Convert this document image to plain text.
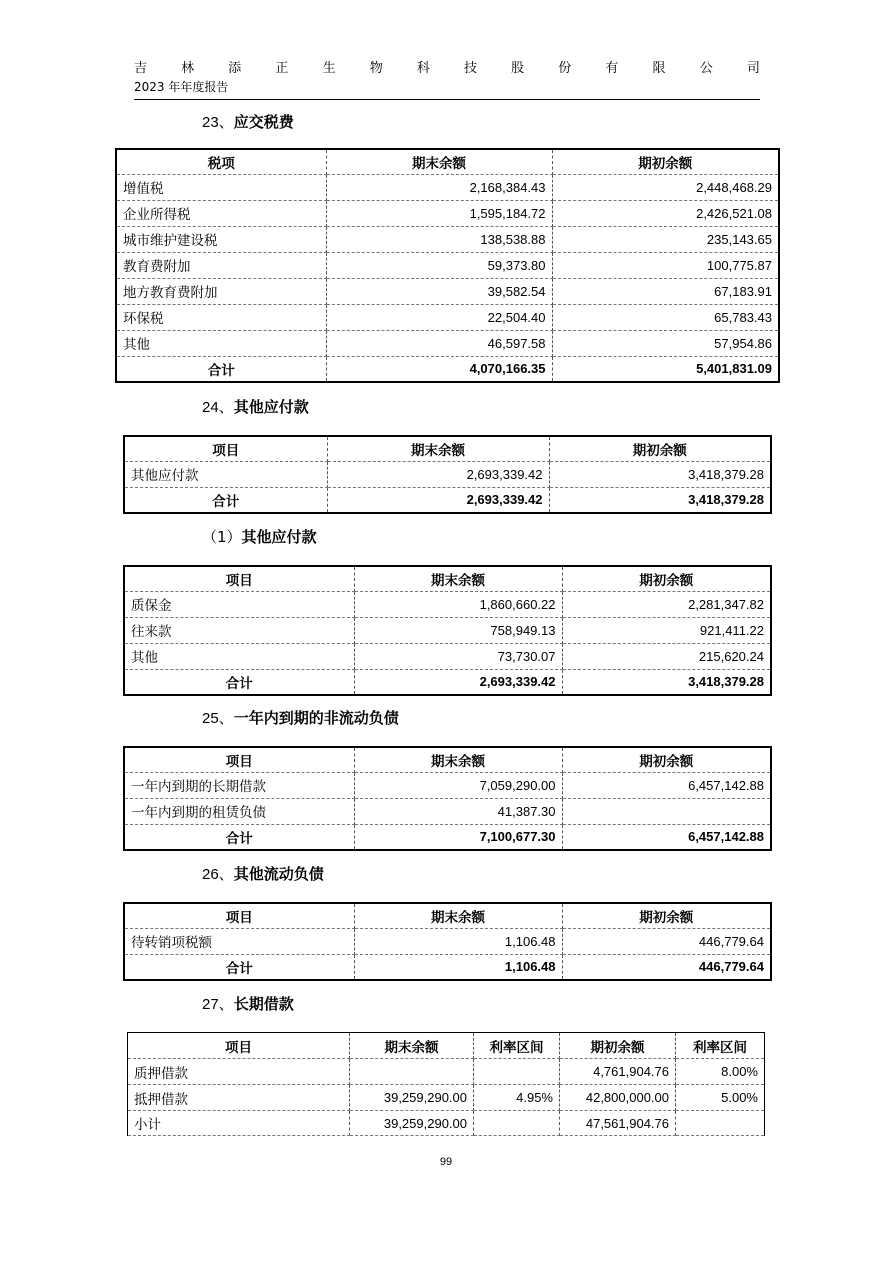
吉	林	添	正	生	物	科	技	股	份	有	限	公	司
2023 年年度报告
23、应交税费
税项	期末余额	期初余额
增值税	2,168,384.43	2,448,468.29
企业所得税	1,595,184.72	2,426,521.08
城市维护建设税	138,538.88	235,143.65
教育费附加	59,373.80	100,775.87
地方教育费附加	39,582.54	67,183.91
环保税	22,504.40	65,783.43
其他	46,597.58	57,954.86
合计	4,070,166.35	5,401,831.09
24、其他应付款
项目	期末余额	期初余额
其他应付款	2,693,339.42	3,418,379.28
合计	2,693,339.42	3,418,379.28
（1）其他应付款
项目	期末余额	期初余额
质保金	1,860,660.22	2,281,347.82
往来款	758,949.13	921,411.22
其他	73,730.07	215,620.24
合计	2,693,339.42	3,418,379.28
25、一年内到期的非流动负债
项目	期末余额	期初余额
一年内到期的长期借款	7,059,290.00	6,457,142.88
一年内到期的租赁负债	41,387.30	
合计	7,100,677.30	6,457,142.88
26、其他流动负债
项目	期末余额	期初余额
待转销项税额	1,106.48	446,779.64
合计	1,106.48	446,779.64
27、长期借款
项目	期末余额	利率区间	期初余额	利率区间
质押借款			4,761,904.76	8.00%
抵押借款	39,259,290.00	4.95%	42,800,000.00	5.00%
小计	39,259,290.00		47,561,904.76	
99
